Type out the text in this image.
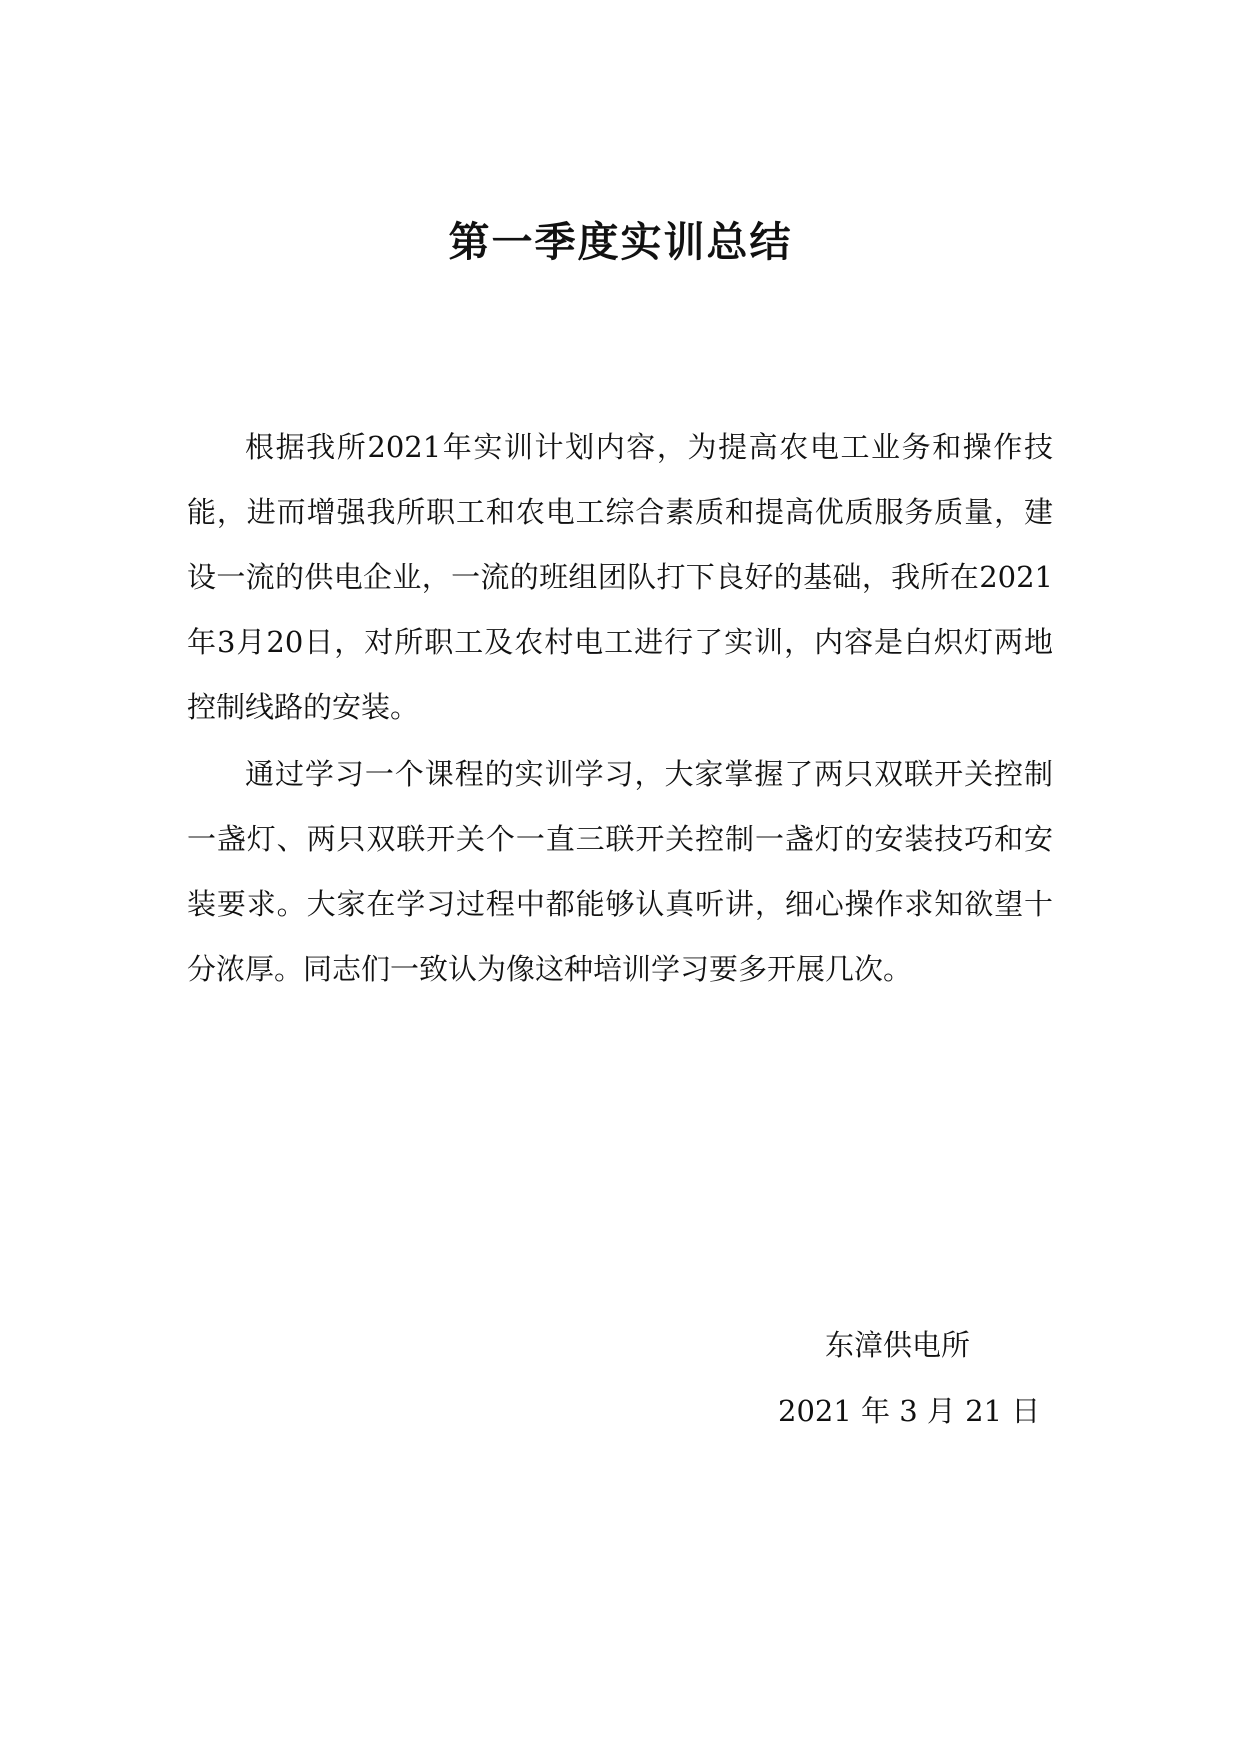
第一季度实训总结

根据我所2021年实训计划内容，为提高农电工业务和操作技能，进而增强我所职工和农电工综合素质和提高优质服务质量，建设一流的供电企业，一流的班组团队打下良好的基础，我所在2021年3月20日，对所职工及农村电工进行了实训，内容是白炽灯两地控制线路的安装。

通过学习一个课程的实训学习，大家掌握了两只双联开关控制一盏灯、两只双联开关个一直三联开关控制一盏灯的安装技巧和安装要求。大家在学习过程中都能够认真听讲，细心操作求知欲望十分浓厚。同志们一致认为像这种培训学习要多开展几次。

东漳供电所
2021 年 3 月 21 日
